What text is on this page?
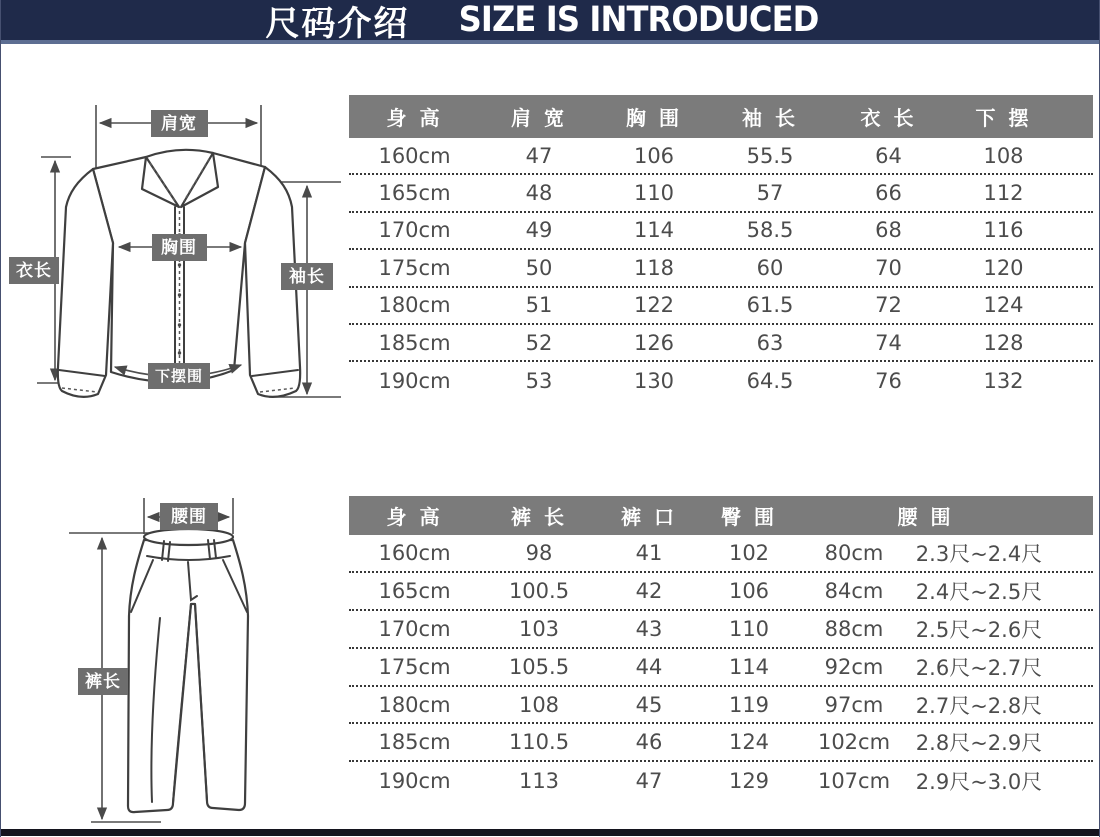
尺码介绍 SIZE IS INTRODUCED
肩宽
胸围
衣长	袖长
下摆围
身 高	肩 宽	胸 围	袖 长	衣 长	下 摆
160cm	47	106	55.5	64	108
165cm	48	110	57	66	112
170cm	49	114	58.5	68	116
175cm	50	118	60	70	120
180cm	51	122	61.5	72	124
185cm	52	126	63	74	128
190cm	53	130	64.5	76	132
腰围
裤长
身 高	裤 长	裤 口	臀 围	腰 围
160cm	98	41	102	80cm	2.3尺~2.4尺
165cm	100.5	42	106	84cm	2.4尺~2.5尺
170cm	103	43	110	88cm	2.5尺~2.6尺
175cm	105.5	44	114	92cm	2.6尺~2.7尺
180cm	108	45	119	97cm	2.7尺~2.8尺
185cm	110.5	46	124	102cm	2.8尺~2.9尺
190cm	113	47	129	107cm	2.9尺~3.0尺
